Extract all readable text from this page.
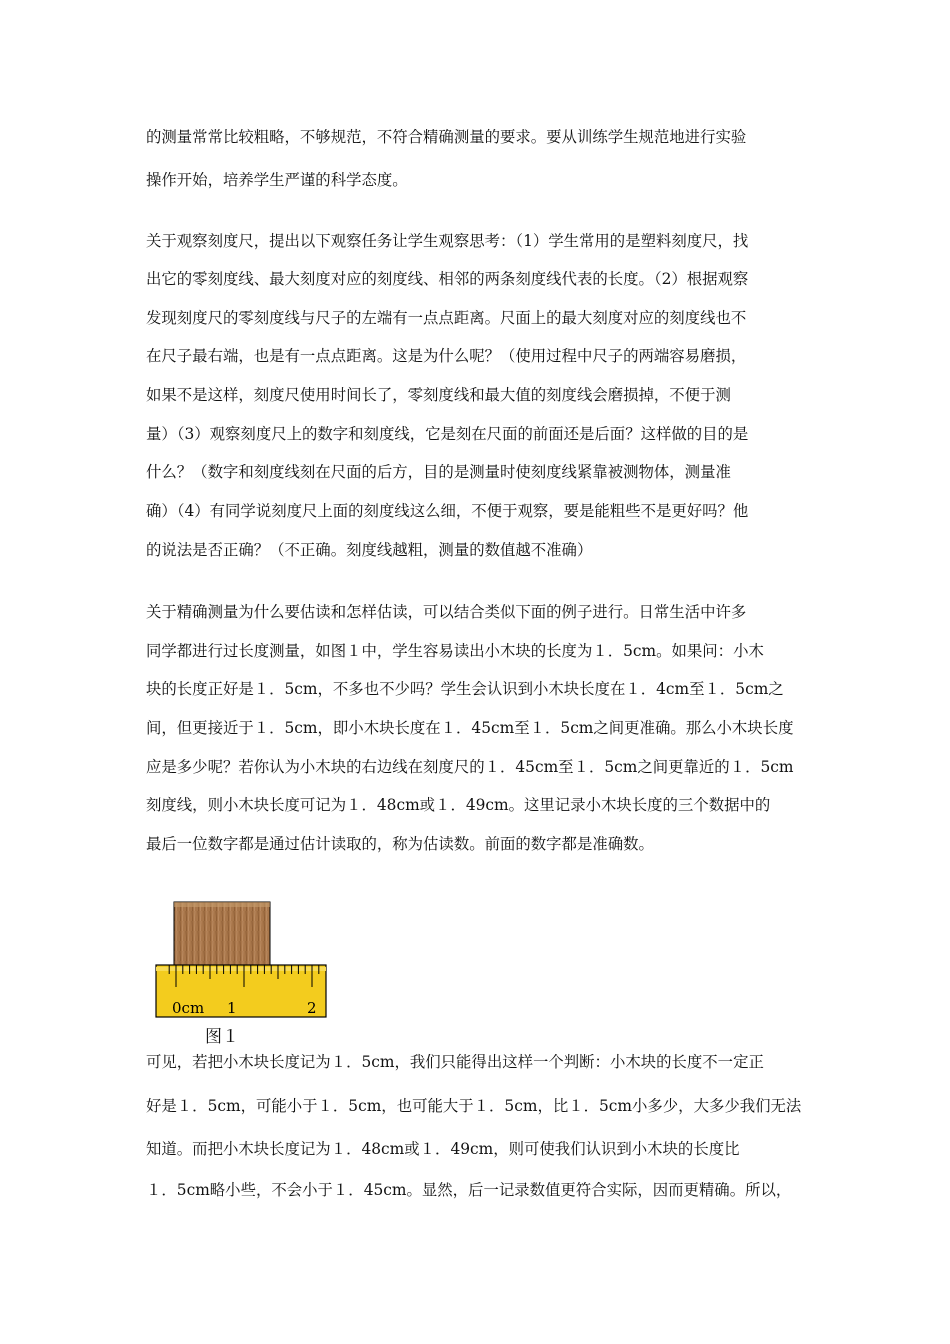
的测量常常比较粗略，不够规范，不符合精确测量的要求。要从训练学生规范地进行实验
操作开始，培养学生严谨的科学态度。
关于观察刻度尺，提出以下观察任务让学生观察思考：（1）学生常用的是塑料刻度尺，找
出它的零刻度线、最大刻度对应的刻度线、相邻的两条刻度线代表的长度。（2）根据观察
发现刻度尺的零刻度线与尺子的左端有一点点距离。尺面上的最大刻度对应的刻度线也不
在尺子最右端，也是有一点点距离。这是为什么呢？（使用过程中尺子的两端容易磨损，
如果不是这样，刻度尺使用时间长了，零刻度线和最大值的刻度线会磨损掉，不便于测
量）（3）观察刻度尺上的数字和刻度线，它是刻在尺面的前面还是后面？这样做的目的是
什么？（数字和刻度线刻在尺面的后方，目的是测量时使刻度线紧靠被测物体，测量准
确）（4）有同学说刻度尺上面的刻度线这么细，不便于观察，要是能粗些不是更好吗？他
的说法是否正确？（不正确。刻度线越粗，测量的数值越不准确）
关于精确测量为什么要估读和怎样估读，可以结合类似下面的例子进行。日常生活中许多
同学都进行过长度测量，如图１中，学生容易读出小木块的长度为１．5cm。如果问：小木
块的长度正好是１．5cm，不多也不少吗？学生会认识到小木块长度在１．4cm至１．5cm之
间，但更接近于１．5cm，即小木块长度在１．45cm至１．5cm之间更准确。那么小木块长度
应是多少呢？若你认为小木块的右边线在刻度尺的１．45cm至１．5cm之间更靠近的１．5cm
刻度线，则小木块长度可记为１．48cm或１．49cm。这里记录小木块长度的三个数据中的
最后一位数字都是通过估计读取的，称为估读数。前面的数字都是准确数。
0cm 1	2
图１
可见，若把小木块长度记为１．5cm，我们只能得出这样一个判断：小木块的长度不一定正
好是１．5cm，可能小于１．5cm，也可能大于１．5cm，比１．5cm小多少，大多少我们无法
知道。而把小木块长度记为１．48cm或１．49cm，则可使我们认识到小木块的长度比
１．5cm略小些，不会小于１．45cm。显然，后一记录数值更符合实际，因而更精确。所以，
